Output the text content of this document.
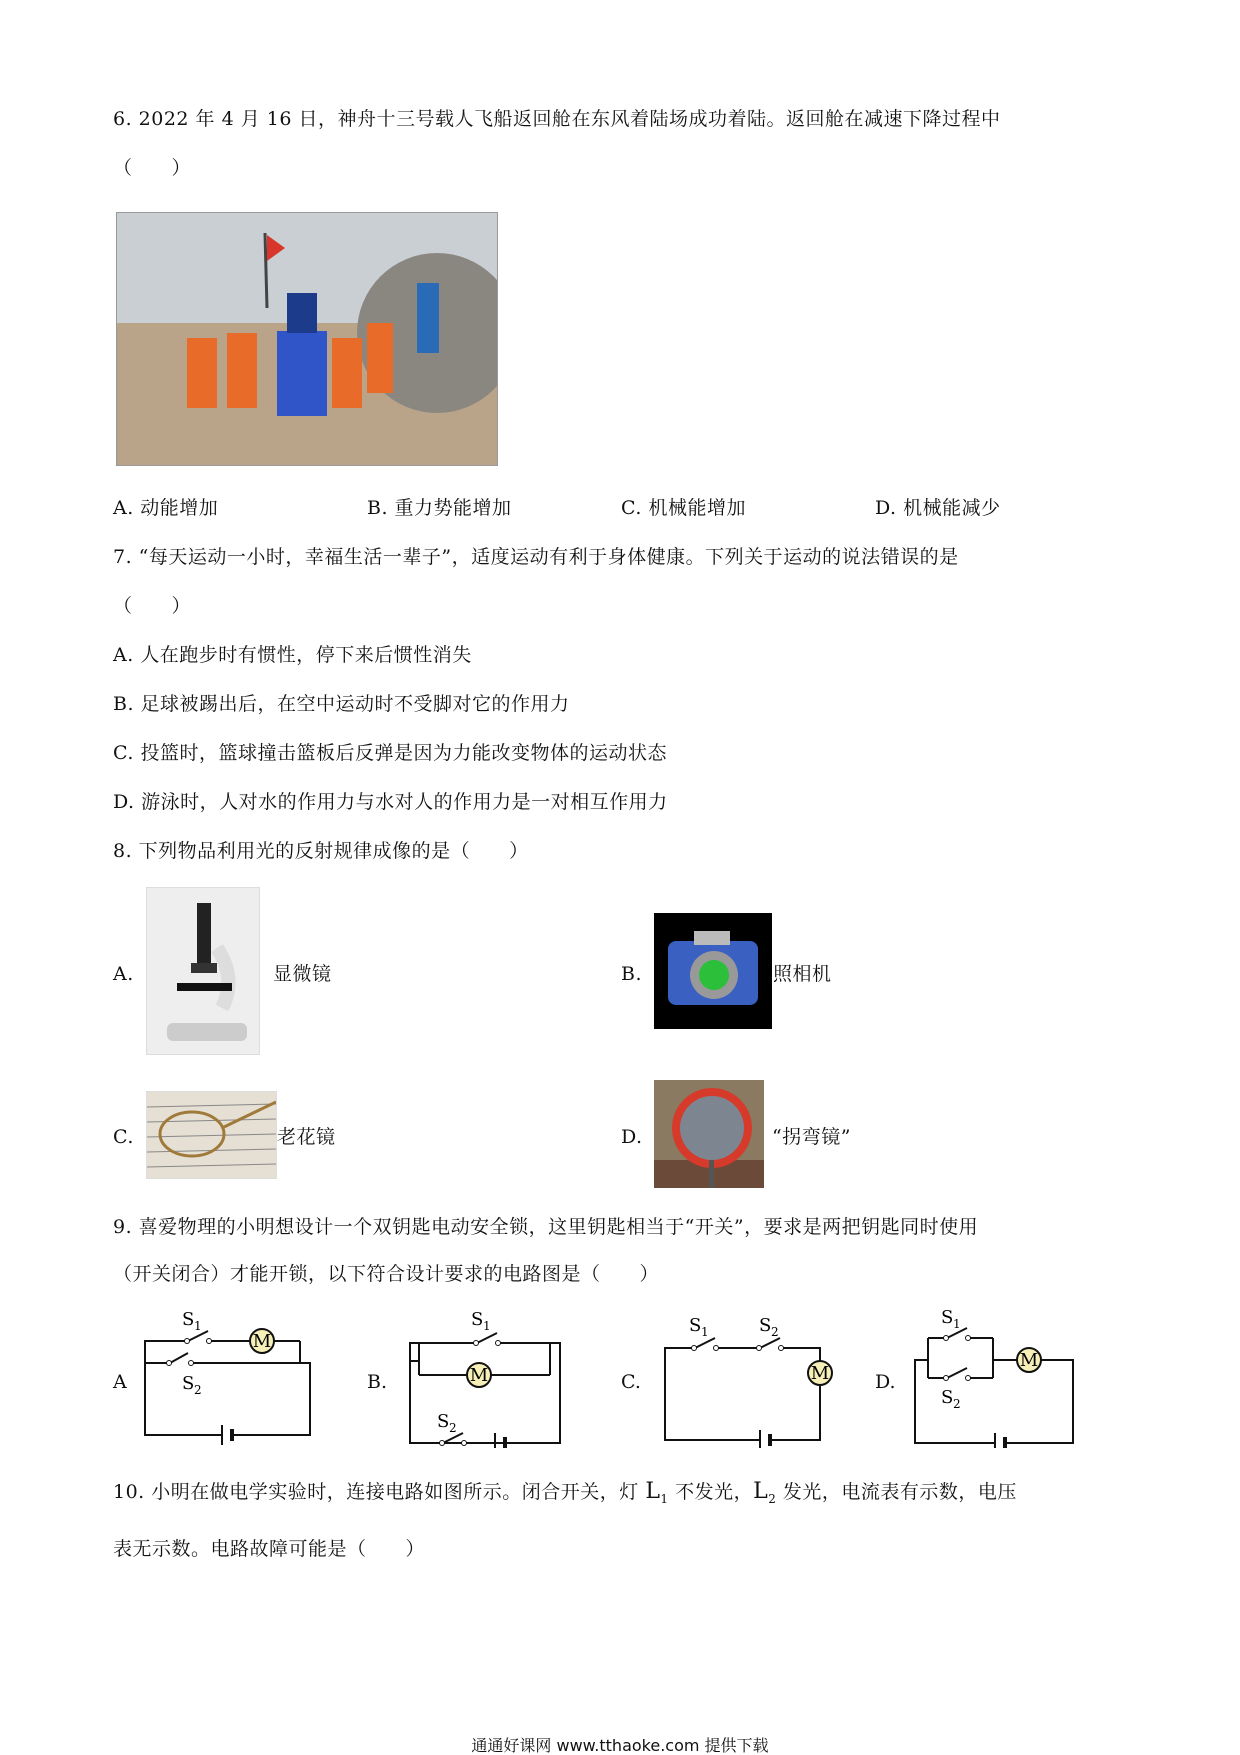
6. 2022 年 4 月 16 日，神舟十三号载人飞船返回舱在东风着陆场成功着陆。返回舱在减速下降过程中
（　　）
A. 动能增加	B. 重力势能增加	C. 机械能增加	D. 机械能减少
7. “每天运动一小时，幸福生活一辈子”，适度运动有利于身体健康。下列关于运动的说法错误的是
（　　）
A. 人在跑步时有惯性，停下来后惯性消失
B. 足球被踢出后，在空中运动时不受脚对它的作用力
C. 投篮时，篮球撞击篮板后反弹是因为力能改变物体的运动状态
D. 游泳时，人对水的作用力与水对人的作用力是一对相互作用力
8. 下列物品利用光的反射规律成像的是（　　）
A.	显微镜	B.	照相机
C.	老花镜	D.	“拐弯镜”
9. 喜爱物理的小明想设计一个双钥匙电动安全锁，这里钥匙相当于“开关”，要求是两把钥匙同时使用
（开关闭合）才能开锁，以下符合设计要求的电路图是（　　）
A
M
S 1
S 2	B.	M
S 1
S 2
C.	M
S 1	S 2
D.
M
S 1
S 2
10. 小明在做电学实验时，连接电路如图所示。闭合开关，灯 $L_1$ 不发光，$L_2$ 发光，电流表有示数，电压
表无示数。电路故障可能是（　　）
通通好课网 www.tthaoke.com 提供下载
